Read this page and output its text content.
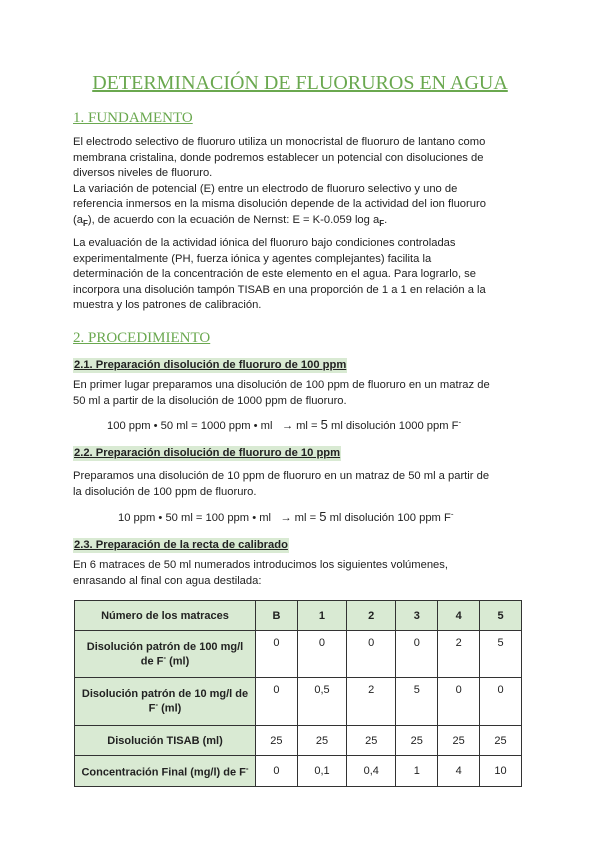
DETERMINACIÓN DE FLUORUROS EN AGUA
1. FUNDAMENTO

El electrodo selectivo de fluoruro utiliza un monocristal de fluoruro de lantano como
membrana cristalina, donde podremos establecer un potencial con disoluciones de
diversos niveles de fluoruro.
La variación de potencial (E) entre un electrodo de fluoruro selectivo y uno de
referencia inmersos en la misma disolución depende de la actividad del ion fluoruro
$(a_F)$, de acuerdo con la ecuación de Nernst: E = K-0.059 $\log a_F$.

La evaluación de la actividad iónica del fluoruro bajo condiciones controladas
experimentalmente (PH, fuerza iónica y agentes complejantes) facilita la
determinación de la concentración de este elemento en el agua. Para lograrlo, se
incorpora una disolución tampón TISAB en una proporción de 1 a 1 en relación a la
muestra y los patrones de calibración.

2. PROCEDIMIENTO
2.1. Preparación disolución de fluoruro de 100 ppm

En primer lugar preparamos una disolución de 100 ppm de fluoruro en un matraz de
50 ml a partir de la disolución de 1000 ppm de fluoruro.

100 ppm • 50 ml = 1000 ppm • ml → ml = 5 ml disolución 1000 ppm F-
2.2. Preparación disolución de fluoruro de 10 ppm

Preparamos una disolución de 10 ppm de fluoruro en un matraz de 50 ml a partir de
la disolución de 100 ppm de fluoruro.

10 ppm • 50 ml = 100 ppm • ml → ml = 5 ml disolución 100 ppm F-
2.3. Preparación de la recta de calibrado

En 6 matraces de 50 ml numerados introducimos los siguientes volúmenes,
enrasando al final con agua destilada:

Número de los matraces	B	1	2	3	4	5
Disolución patrón de 100 mg/l
de F- (ml)	0	0	0	0	2	5
Disolución patrón de 10 mg/l de
F- (ml)	0	0,5	2	5	0	0
Disolución TISAB (ml)	25	25	25	25	25	25
Concentración Final (mg/l) de F-	0	0,1	0,4	1	4	10
